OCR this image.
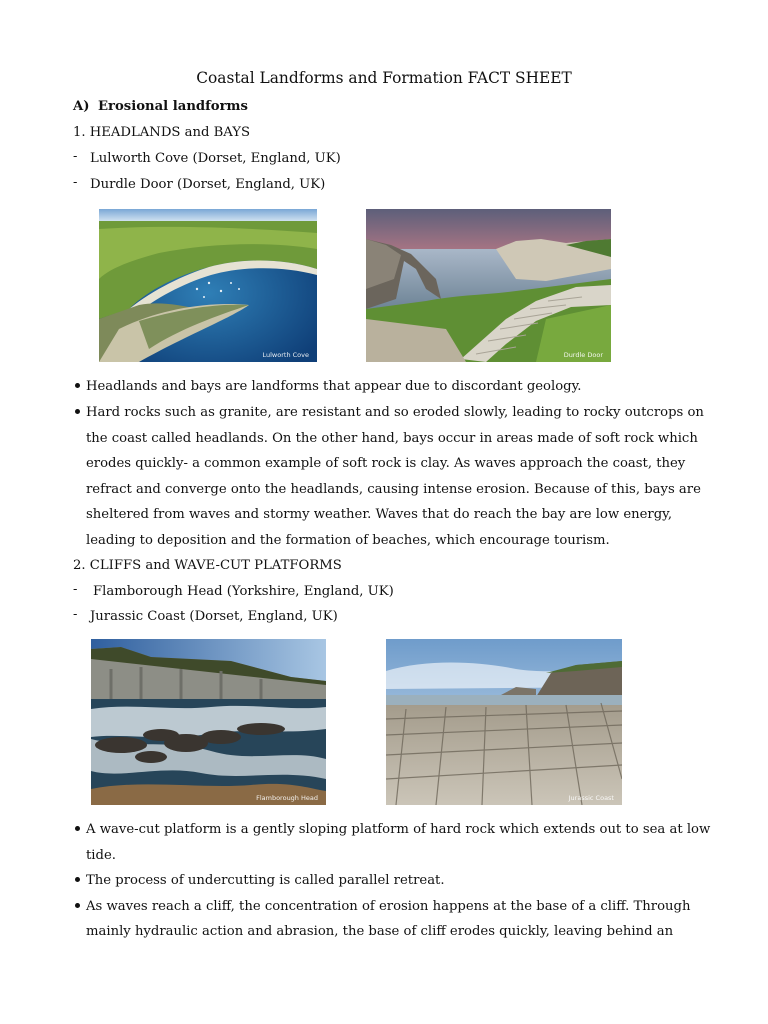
Coastal Landforms and Formation FACT SHEET
A) Erosional landforms
1. HEADLANDS and BAYS
- Lulworth Cove (Dorset, England, UK)
- Durdle Door (Dorset, England, UK)
Lulworth Cove	Durdle Door
Headlands and bays are landforms that appear due to discordant geology.
Hard rocks such as granite, are resistant and so eroded slowly, leading to rocky outcrops on
the coast called headlands. On the other hand, bays occur in areas made of soft rock which
erodes quickly- a common example of soft rock is clay. As waves approach the coast, they
refract and converge onto the headlands, causing intense erosion. Because of this, bays are
sheltered from waves and stormy weather. Waves that do reach the bay are low energy,
leading to deposition and the formation of beaches, which encourage tourism.
2. CLIFFS and WAVE-CUT PLATFORMS
- Flamborough Head (Yorkshire, England, UK)
- Jurassic Coast (Dorset, England, UK)
Flamborough Head	Jurassic Coast
A wave-cut platform is a gently sloping platform of hard rock which extends out to sea at low
tide.
The process of undercutting is called parallel retreat.
As waves reach a cliff, the concentration of erosion happens at the base of a cliff. Through
mainly hydraulic action and abrasion, the base of cliff erodes quickly, leaving behind an
